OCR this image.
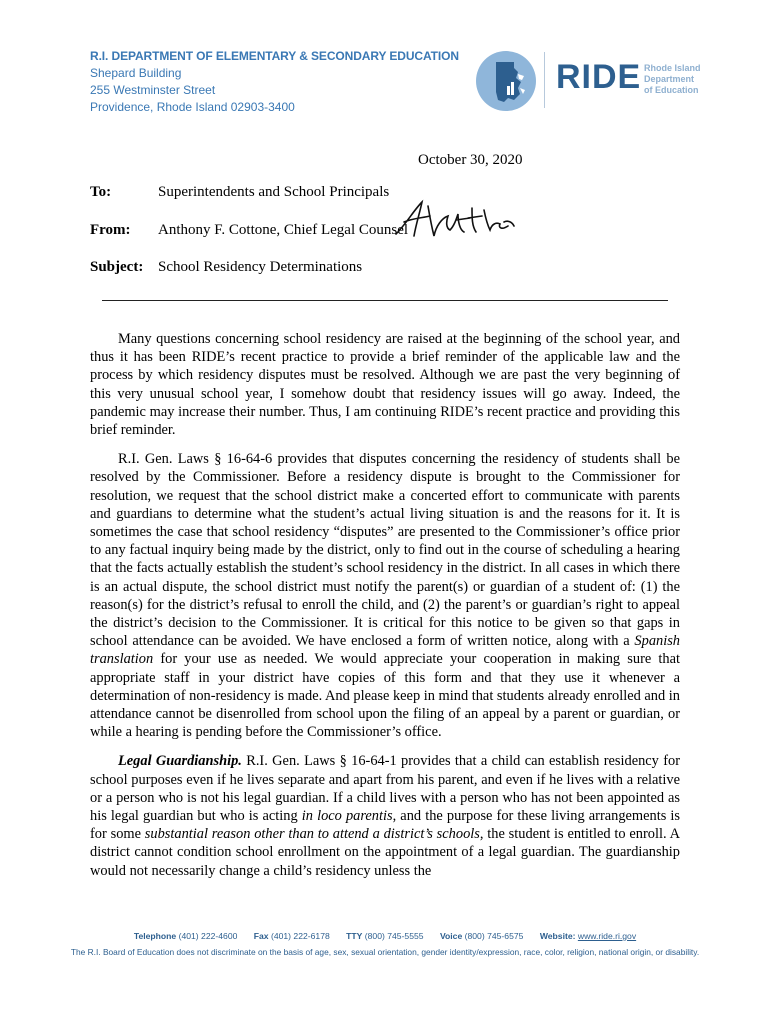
R.I. DEPARTMENT OF ELEMENTARY & SECONDARY EDUCATION
Shepard Building
255 Westminster Street
Providence, Rhode Island 02903-3400
RIDE Rhode Island
Department
of Education
October 30, 2020
To:	Superintendents and School Principals
From: Anthony F. Cottone, Chief Legal Counsel
Subject: School Residency Determinations

Many questions concerning school residency are raised at the beginning of the school year, and thus it has been RIDE’s recent practice to provide a brief reminder of the applicable law and the process by which residency disputes must be resolved. Although we are past the very beginning of this very unusual school year, I somehow doubt that residency issues will go away. Indeed, the pandemic may increase their number. Thus, I am continuing RIDE’s recent practice and providing this brief reminder.

R.I. Gen. Laws § 16-64-6 provides that disputes concerning the residency of students shall be resolved by the Commissioner. Before a residency dispute is brought to the Commissioner for resolution, we request that the school district make a concerted effort to communicate with parents and guardians to determine what the student’s actual living situation is and the reasons for it. It is sometimes the case that school residency “disputes” are presented to the Commissioner’s office prior to any factual inquiry being made by the district, only to find out in the course of scheduling a hearing that the facts actually establish the student’s school residency in the district. In all cases in which there is an actual dispute, the school district must notify the parent(s) or guardian of a student of: (1) the reason(s) for the district’s refusal to enroll the child, and (2) the parent’s or guardian’s right to appeal the district’s decision to the Commissioner. It is critical for this notice to be given so that gaps in school attendance can be avoided. We have enclosed a form of written notice, along with a Spanish translation for your use as needed. We would appreciate your cooperation in making sure that appropriate staff in your district have copies of this form and that they use it whenever a determination of non-residency is made. And please keep in mind that students already enrolled and in attendance cannot be disenrolled from school upon the filing of an appeal by a parent or guardian, or while a hearing is pending before the Commissioner’s office.

Legal Guardianship. R.I. Gen. Laws § 16-64-1 provides that a child can establish residency for school purposes even if he lives separate and apart from his parent, and even if he lives with a relative or a person who is not his legal guardian. If a child lives with a person who has not been appointed as his legal guardian but who is acting in loco parentis, and the purpose for these living arrangements is for some substantial reason other than to attend a district’s schools, the student is entitled to enroll. A district cannot condition school enrollment on the appointment of a legal guardian. The guardianship would not necessarily change a child’s residency unless the

Telephone (401) 222-4600 Fax (401) 222-6178 TTY (800) 745-5555 Voice (800) 745-6575 Website: www.ride.ri.gov
The R.I. Board of Education does not discriminate on the basis of age, sex, sexual orientation, gender identity/expression, race, color, religion, national origin, or disability.
